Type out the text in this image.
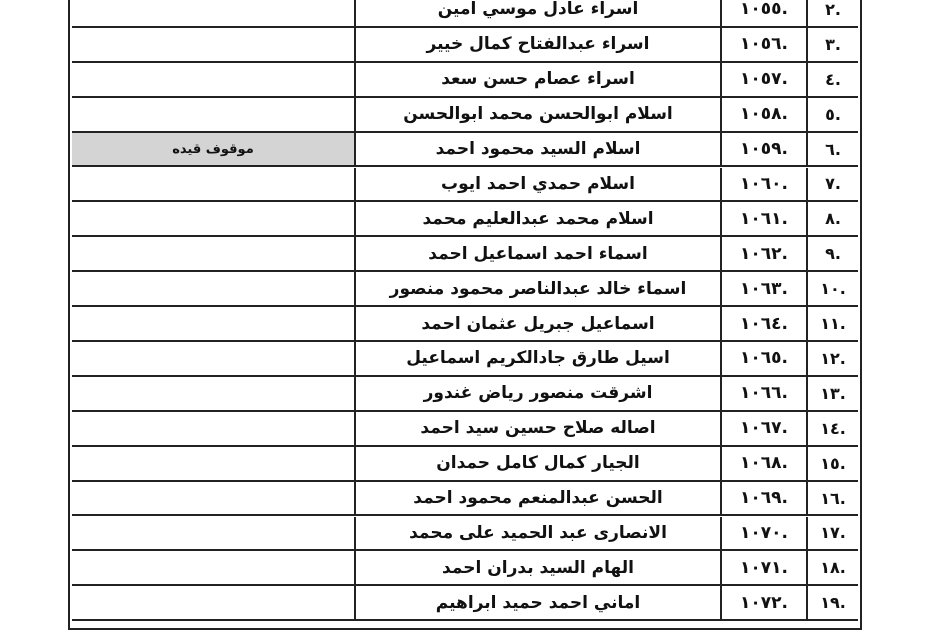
اسراء عادل موسي امين	.١٠٥٥	.٢
اسراء عبدالفتاح كمال خيير	.١٠٥٦	.٣
اسراء عصام حسن سعد	.١٠٥٧	.٤
اسلام ابوالحسن محمد ابوالحسن	.١٠٥٨	.٥
موقوف قيده	اسلام السيد محمود احمد	.١٠٥٩	.٦
اسلام حمدي احمد ايوب	.١٠٦٠	.٧
اسلام محمد عبدالعليم محمد	.١٠٦١	.٨
اسماء احمد اسماعيل احمد	.١٠٦٢	.٩
اسماء خالد عبدالناصر محمود منصور	.١٠٦٣	.١٠
اسماعيل جبريل عثمان احمد	.١٠٦٤	.١١
اسيل طارق جادالكريم اسماعيل	.١٠٦٥	.١٢
اشرقت منصور رياض غندور	.١٠٦٦	.١٣
اصاله صلاح حسين سيد احمد	.١٠٦٧	.١٤
الجيار كمال كامل حمدان	.١٠٦٨	.١٥
الحسن عبدالمنعم محمود احمد	.١٠٦٩	.١٦
الانصارى عبد الحميد على محمد	.١٠٧٠	.١٧
الهام السيد بدران احمد	.١٠٧١	.١٨
اماني احمد حميد ابراهيم	.١٠٧٢	.١٩
